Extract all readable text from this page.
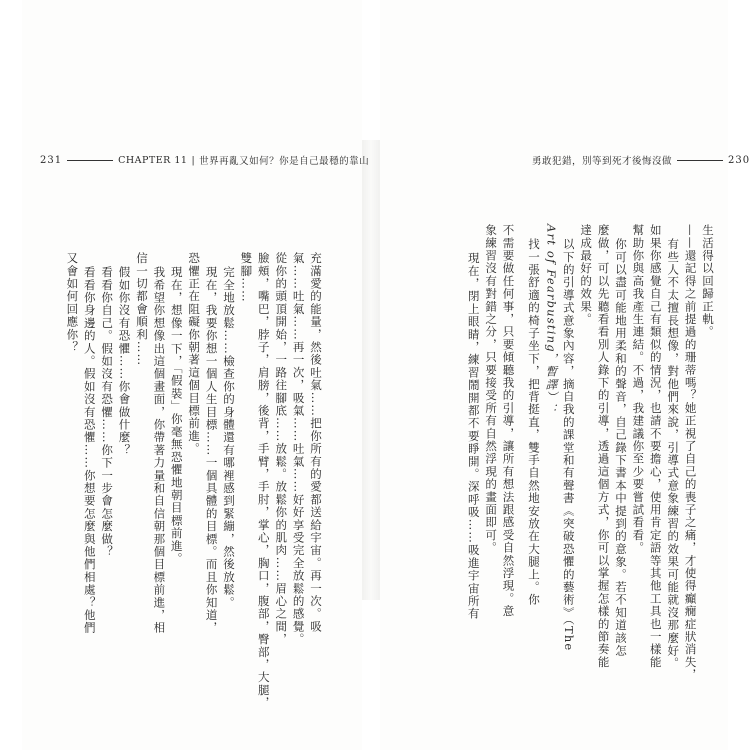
231	CHAPTER 11 | 世界再亂又如何？你是自己最穩的靠山	勇敢犯錯，別等到死才後悔沒做	230

充滿愛的能量，然後吐氣……把你所有的愛都送給宇宙。再一次。吸

氣……吐氣……再一次，吸氣……吐氣……好好享受完全放鬆的感覺。

從你的頭頂開始，一路往腳底……放鬆。放鬆你的肌肉……眉心之間，

臉頰，嘴巴，脖子，肩膀，後背，手臂，手肘，掌心，胸口，腹部，臀部，大腿，

雙腳……

完全地放鬆……檢查你的身體還有哪裡感到緊繃，然後放鬆。

現在，我要你想一個人生目標……一個具體的目標。而且你知道，

恐懼正在阻礙你朝著這個目標前進。

現在，想像一下，「假裝」你毫無恐懼地朝目標前進。

我希望你想像出這個畫面，你帶著力量和自信朝那個目標前進，相

信一切都會順利……

假如你沒有恐懼……你會做什麼？

看看你自己。假如沒有恐懼……你下一步會怎麼做？

看看你身邊的人。假如沒有恐懼……你想要怎麼與他們相處？他們

又會如何回應你？	生活得以回歸正軌。

——還記得之前提過的珊蒂嗎？她正視了自己的喪子之痛，才使得癲癇症狀消失，

有些人不太擅長想像，對他們來說，引導式意象練習的效果可能就沒那麼好。

如果你感覺自己有類似的情況，也請不要擔心，使用肯定語等其他工具也一樣能

幫助你與高我產生連結。不過，我建議你至少要嘗試看看。

你可以盡可能地用柔和的聲音，自己錄下書本中提到的意象。若不知道該怎

麼做，可以先聽看看別人錄下的引導，透過這個方式，你可以掌握怎樣的節奏能

達成最好的效果。

以下的引導式意象內容，摘自我的課堂和有聲書《突破恐懼的藝術》（The

Art of Fearbusting，暫譯）：

找一張舒適的椅子坐下，把背挺直，雙手自然地安放在大腿上。你

不需要做任何事，只要傾聽我的引導，讓所有想法跟感受自然浮現。意

象練習沒有對錯之分，只要接受所有自然浮現的畫面即可。

現在，閉上眼睛，練習鬧開都不要睜開。深呼吸……吸進宇宙所有
